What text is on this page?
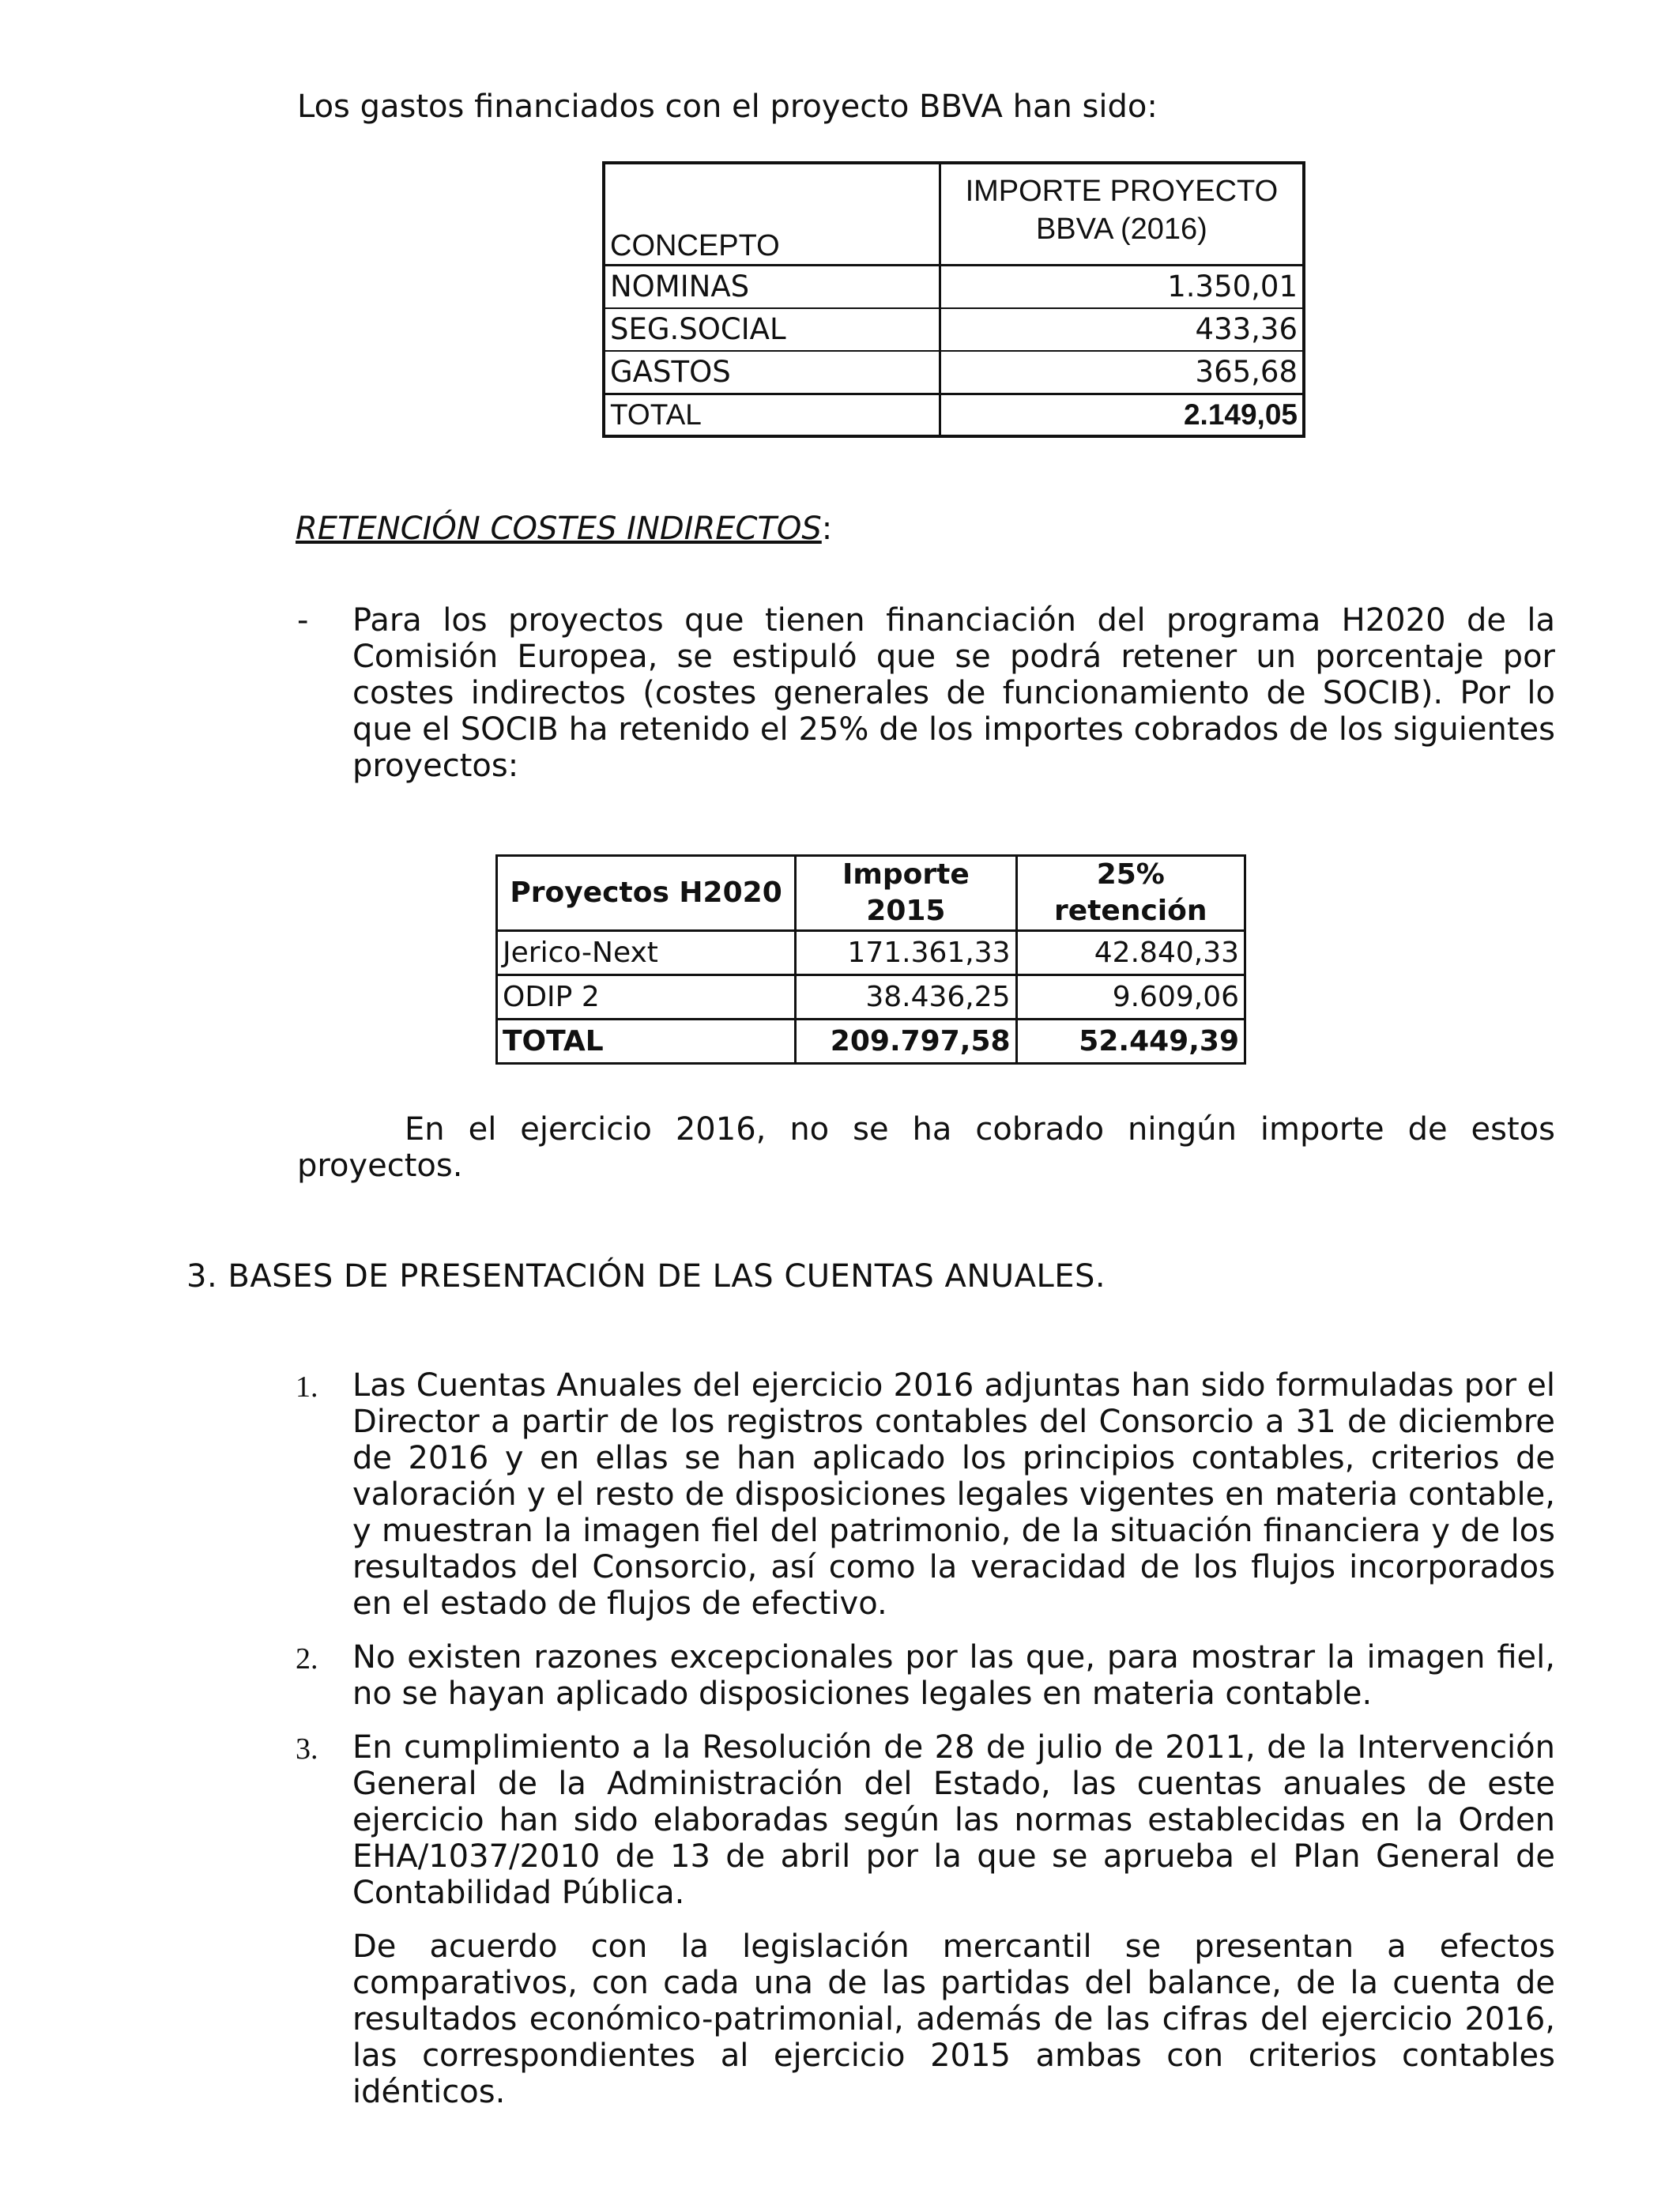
Los gastos financiados con el proyecto BBVA han sido:
CONCEPTO	IMPORTE PROYECTO
BBVA (2016)

NOMINAS	1.350,01
SEG.SOCIAL	433,36
GASTOS	365,68
TOTAL	2.149,05
RETENCIÓN COSTES INDIRECTOS:
- Para los proyectos que tienen financiación del programa H2020 de la Comisión Europea, se estipuló que se podrá retener un porcentaje por costes indirectos (costes generales de funcionamiento de SOCIB). Por lo que el SOCIB ha retenido el 25% de los importes cobrados de los siguientes proyectos:
Proyectos H2020	Importe 2015	25% retención
Jerico-Next	171.361,33	42.840,33
ODIP 2	38.436,25	9.609,06
TOTAL	209.797,58	52.449,39
En el ejercicio 2016, no se ha cobrado ningún importe de estos proyectos.
3. BASES DE PRESENTACIÓN DE LAS CUENTAS ANUALES.
1. Las Cuentas Anuales del ejercicio 2016 adjuntas han sido formuladas por el Director a partir de los registros contables del Consorcio a 31 de diciembre de 2016 y en ellas se han aplicado los principios contables, criterios de valoración y el resto de disposiciones legales vigentes en materia contable, y muestran la imagen fiel del patrimonio, de la situación financiera y de los resultados del Consorcio, así como la veracidad de los flujos incorporados en el estado de flujos de efectivo.
2. No existen razones excepcionales por las que, para mostrar la imagen fiel, no se hayan aplicado disposiciones legales en materia contable.
3. En cumplimiento a la Resolución de 28 de julio de 2011, de la Intervención General de la Administración del Estado, las cuentas anuales de este ejercicio han sido elaboradas según las normas establecidas en la Orden EHA/1037/2010 de 13 de abril por la que se aprueba el Plan General de Contabilidad Pública.
De acuerdo con la legislación mercantil se presentan a efectos comparativos, con cada una de las partidas del balance, de la cuenta de resultados económico-patrimonial, además de las cifras del ejercicio 2016, las correspondientes al ejercicio 2015 ambas con criterios contables idénticos.
